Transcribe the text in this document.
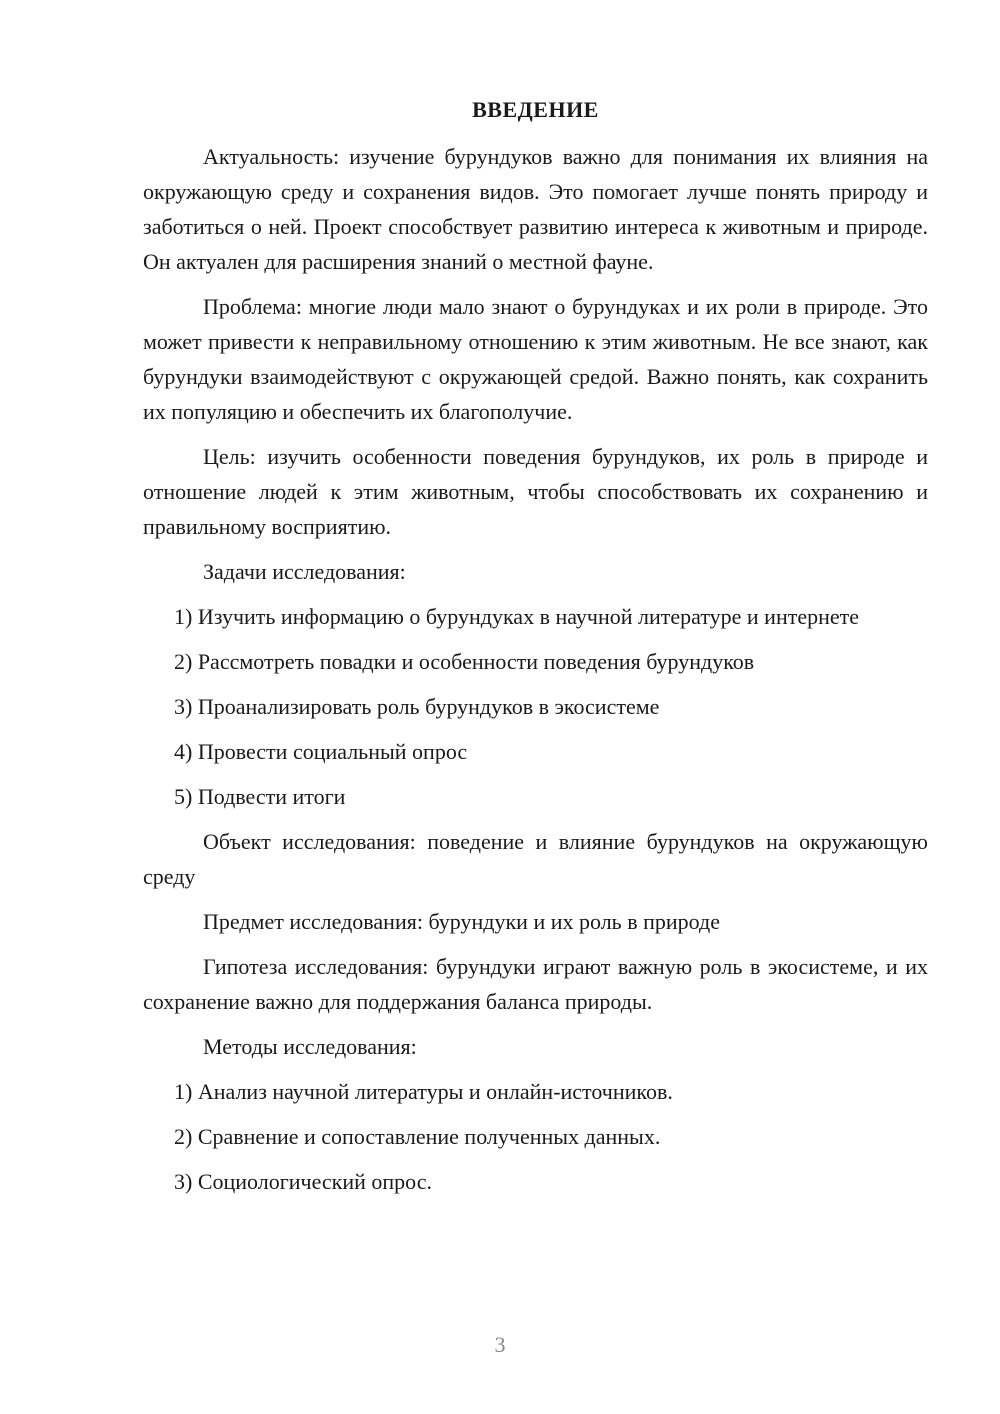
ВВЕДЕНИЕ

Актуальность: изучение бурундуков важно для понимания их влияния на окружающую среду и сохранения видов. Это помогает лучше понять природу и заботиться о ней. Проект способствует развитию интереса к животным и природе. Он актуален для расширения знаний о местной фауне.

Проблема: многие люди мало знают о бурундуках и их роли в природе. Это может привести к неправильному отношению к этим животным. Не все знают, как бурундуки взаимодействуют с окружающей средой. Важно понять, как сохранить их популяцию и обеспечить их благополучие.

Цель: изучить особенности поведения бурундуков, их роль в природе и отношение людей к этим животным, чтобы способствовать их сохранению и правильному восприятию.

Задачи исследования:

1) Изучить информацию о бурундуках в научной литературе и интернете

2) Рассмотреть повадки и особенности поведения бурундуков

3) Проанализировать роль бурундуков в экосистеме

4) Провести социальный опрос

5) Подвести итоги

Объект исследования: поведение и влияние бурундуков на окружающую среду

Предмет исследования: бурундуки и их роль в природе

Гипотеза исследования: бурундуки играют важную роль в экосистеме, и их сохранение важно для поддержания баланса природы.

Методы исследования:

1) Анализ научной литературы и онлайн-источников.

2) Сравнение и сопоставление полученных данных.

3) Социологический опрос.

3
